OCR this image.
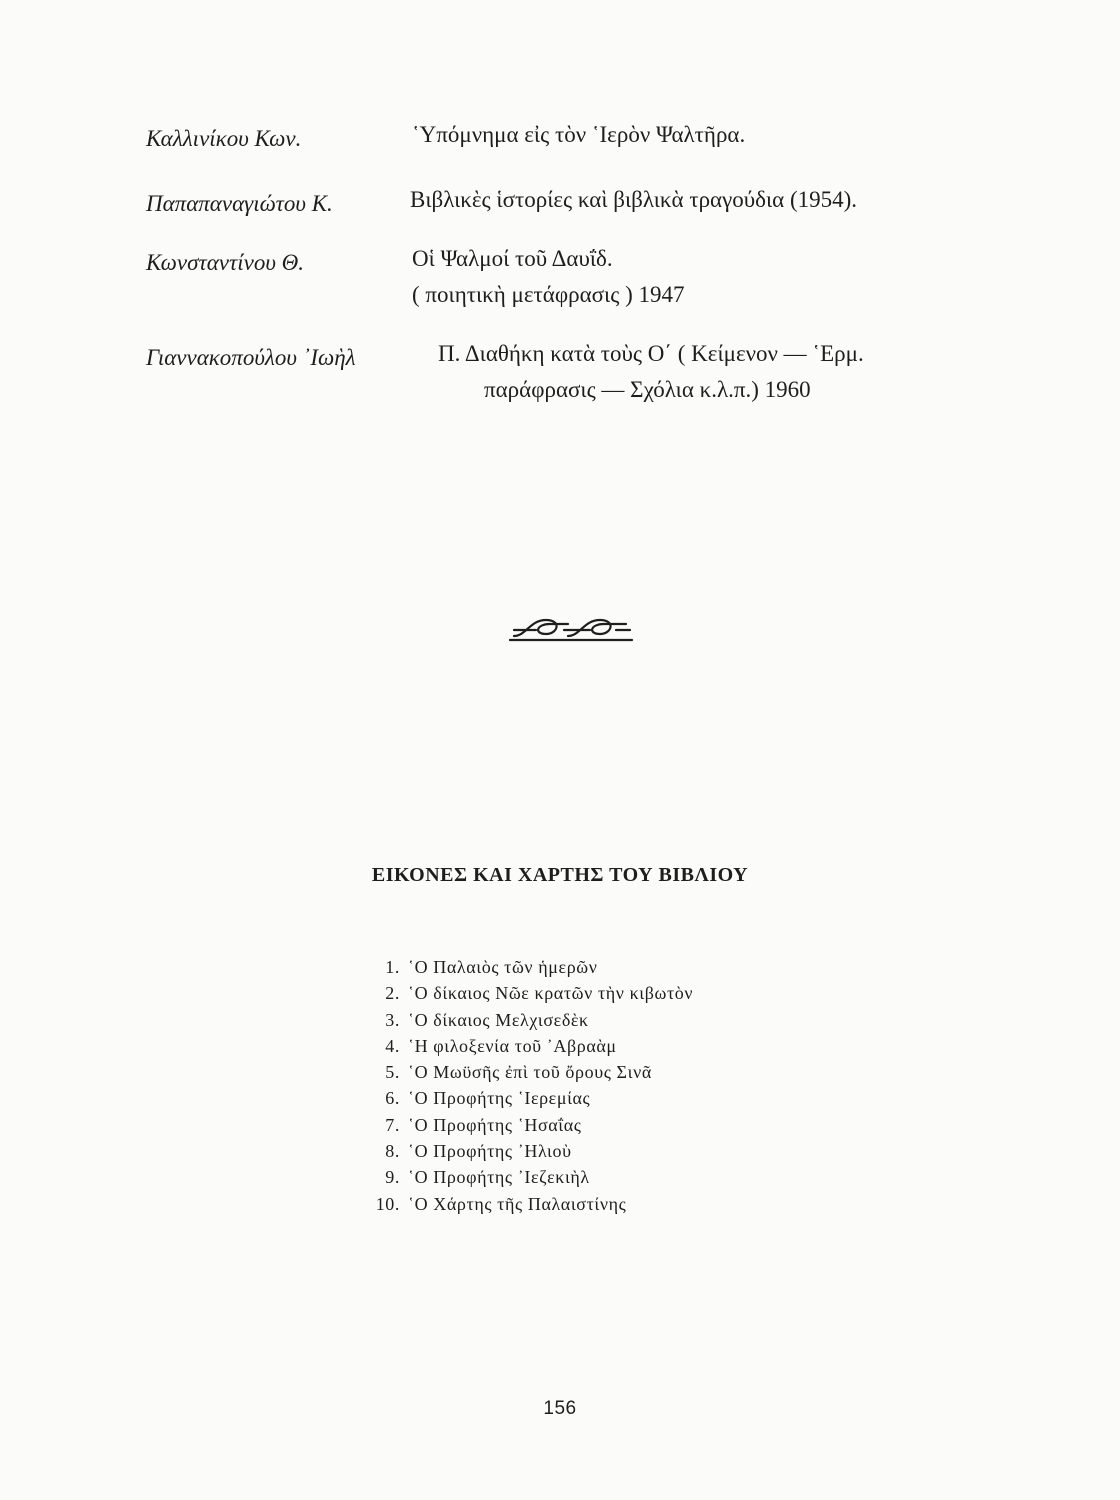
Καλλινίκου Κων.	῾Υπόμνημα εἰς τὸν ῾Ιερὸν Ψαλτῆρα.
Παπαπαναγιώτου Κ.	Βιβλικὲς ἱστορίες καὶ βιβλικὰ τραγούδια (1954).
Κωνσταντίνου Θ.	Οἱ Ψαλμοί τοῦ Δαυΐδ.
( ποιητικὴ μετάφρασις ) 1947
Γιαννακοπούλου ᾿Ιωὴλ	Π. Διαθήκη κατὰ τοὺς Ο΄ ( Κείμενον — ῾Ερμ.
παράφρασις — Σχόλια κ.λ.π.) 1960
ΕΙΚΟΝΕΣ ΚΑΙ ΧΑΡΤΗΣ ΤΟΥ ΒΙΒΛΙΟΥ
1. ῾Ο Παλαιὸς τῶν ἡμερῶν
2. ῾Ο δίκαιος Νῶε κρατῶν τὴν κιβωτὸν
3. ῾Ο δίκαιος Μελχισεδὲκ
4. ῾Η φιλοξενία τοῦ ᾿Αβραὰμ
5. ῾Ο Μωϋσῆς ἐπὶ τοῦ ὄρους Σινᾶ
6. ῾Ο Προφήτης ῾Ιερεμίας
7. ῾Ο Προφήτης ῾Ησαΐας
8. ῾Ο Προφήτης ᾿Ηλιοὺ
9. ῾Ο Προφήτης ᾿Ιεζεκιὴλ
10. ῾Ο Χάρτης τῆς Παλαιστίνης
156
